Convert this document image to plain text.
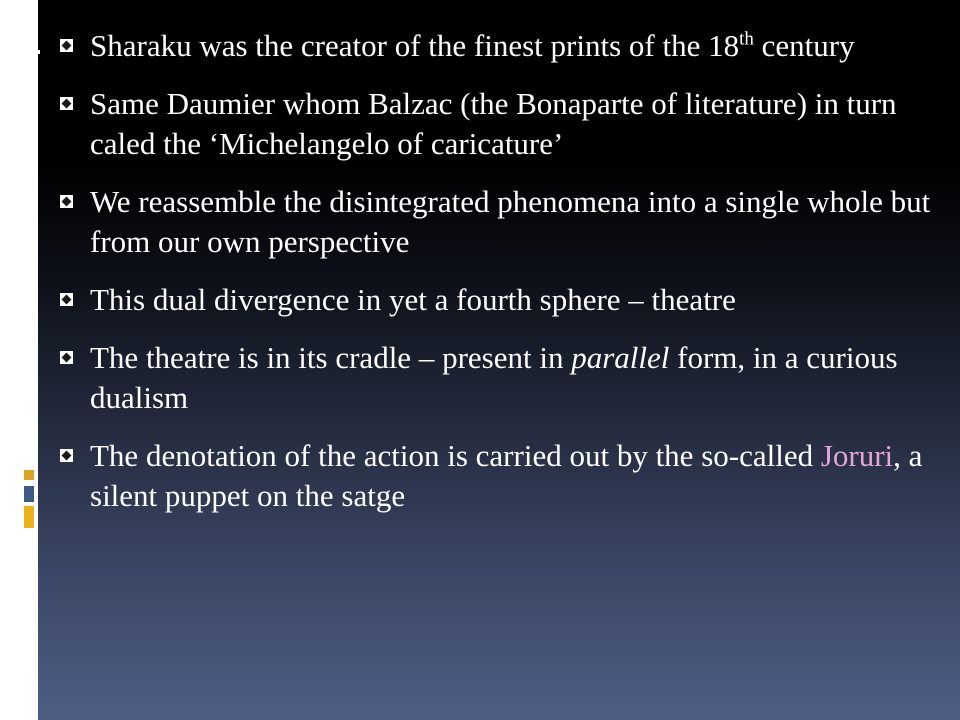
Sharaku was the creator of the finest prints of the 18th century
Same Daumier whom Balzac (the Bonaparte of literature) in turn caled the ‘Michelangelo of caricature’
We reassemble the disintegrated phenomena into a single whole but from our own perspective
This dual divergence in yet a fourth sphere – theatre
The theatre is in its cradle – present in parallel form, in a curious dualism
The denotation of the action is carried out by the so-called Joruri, a silent puppet on the satge
